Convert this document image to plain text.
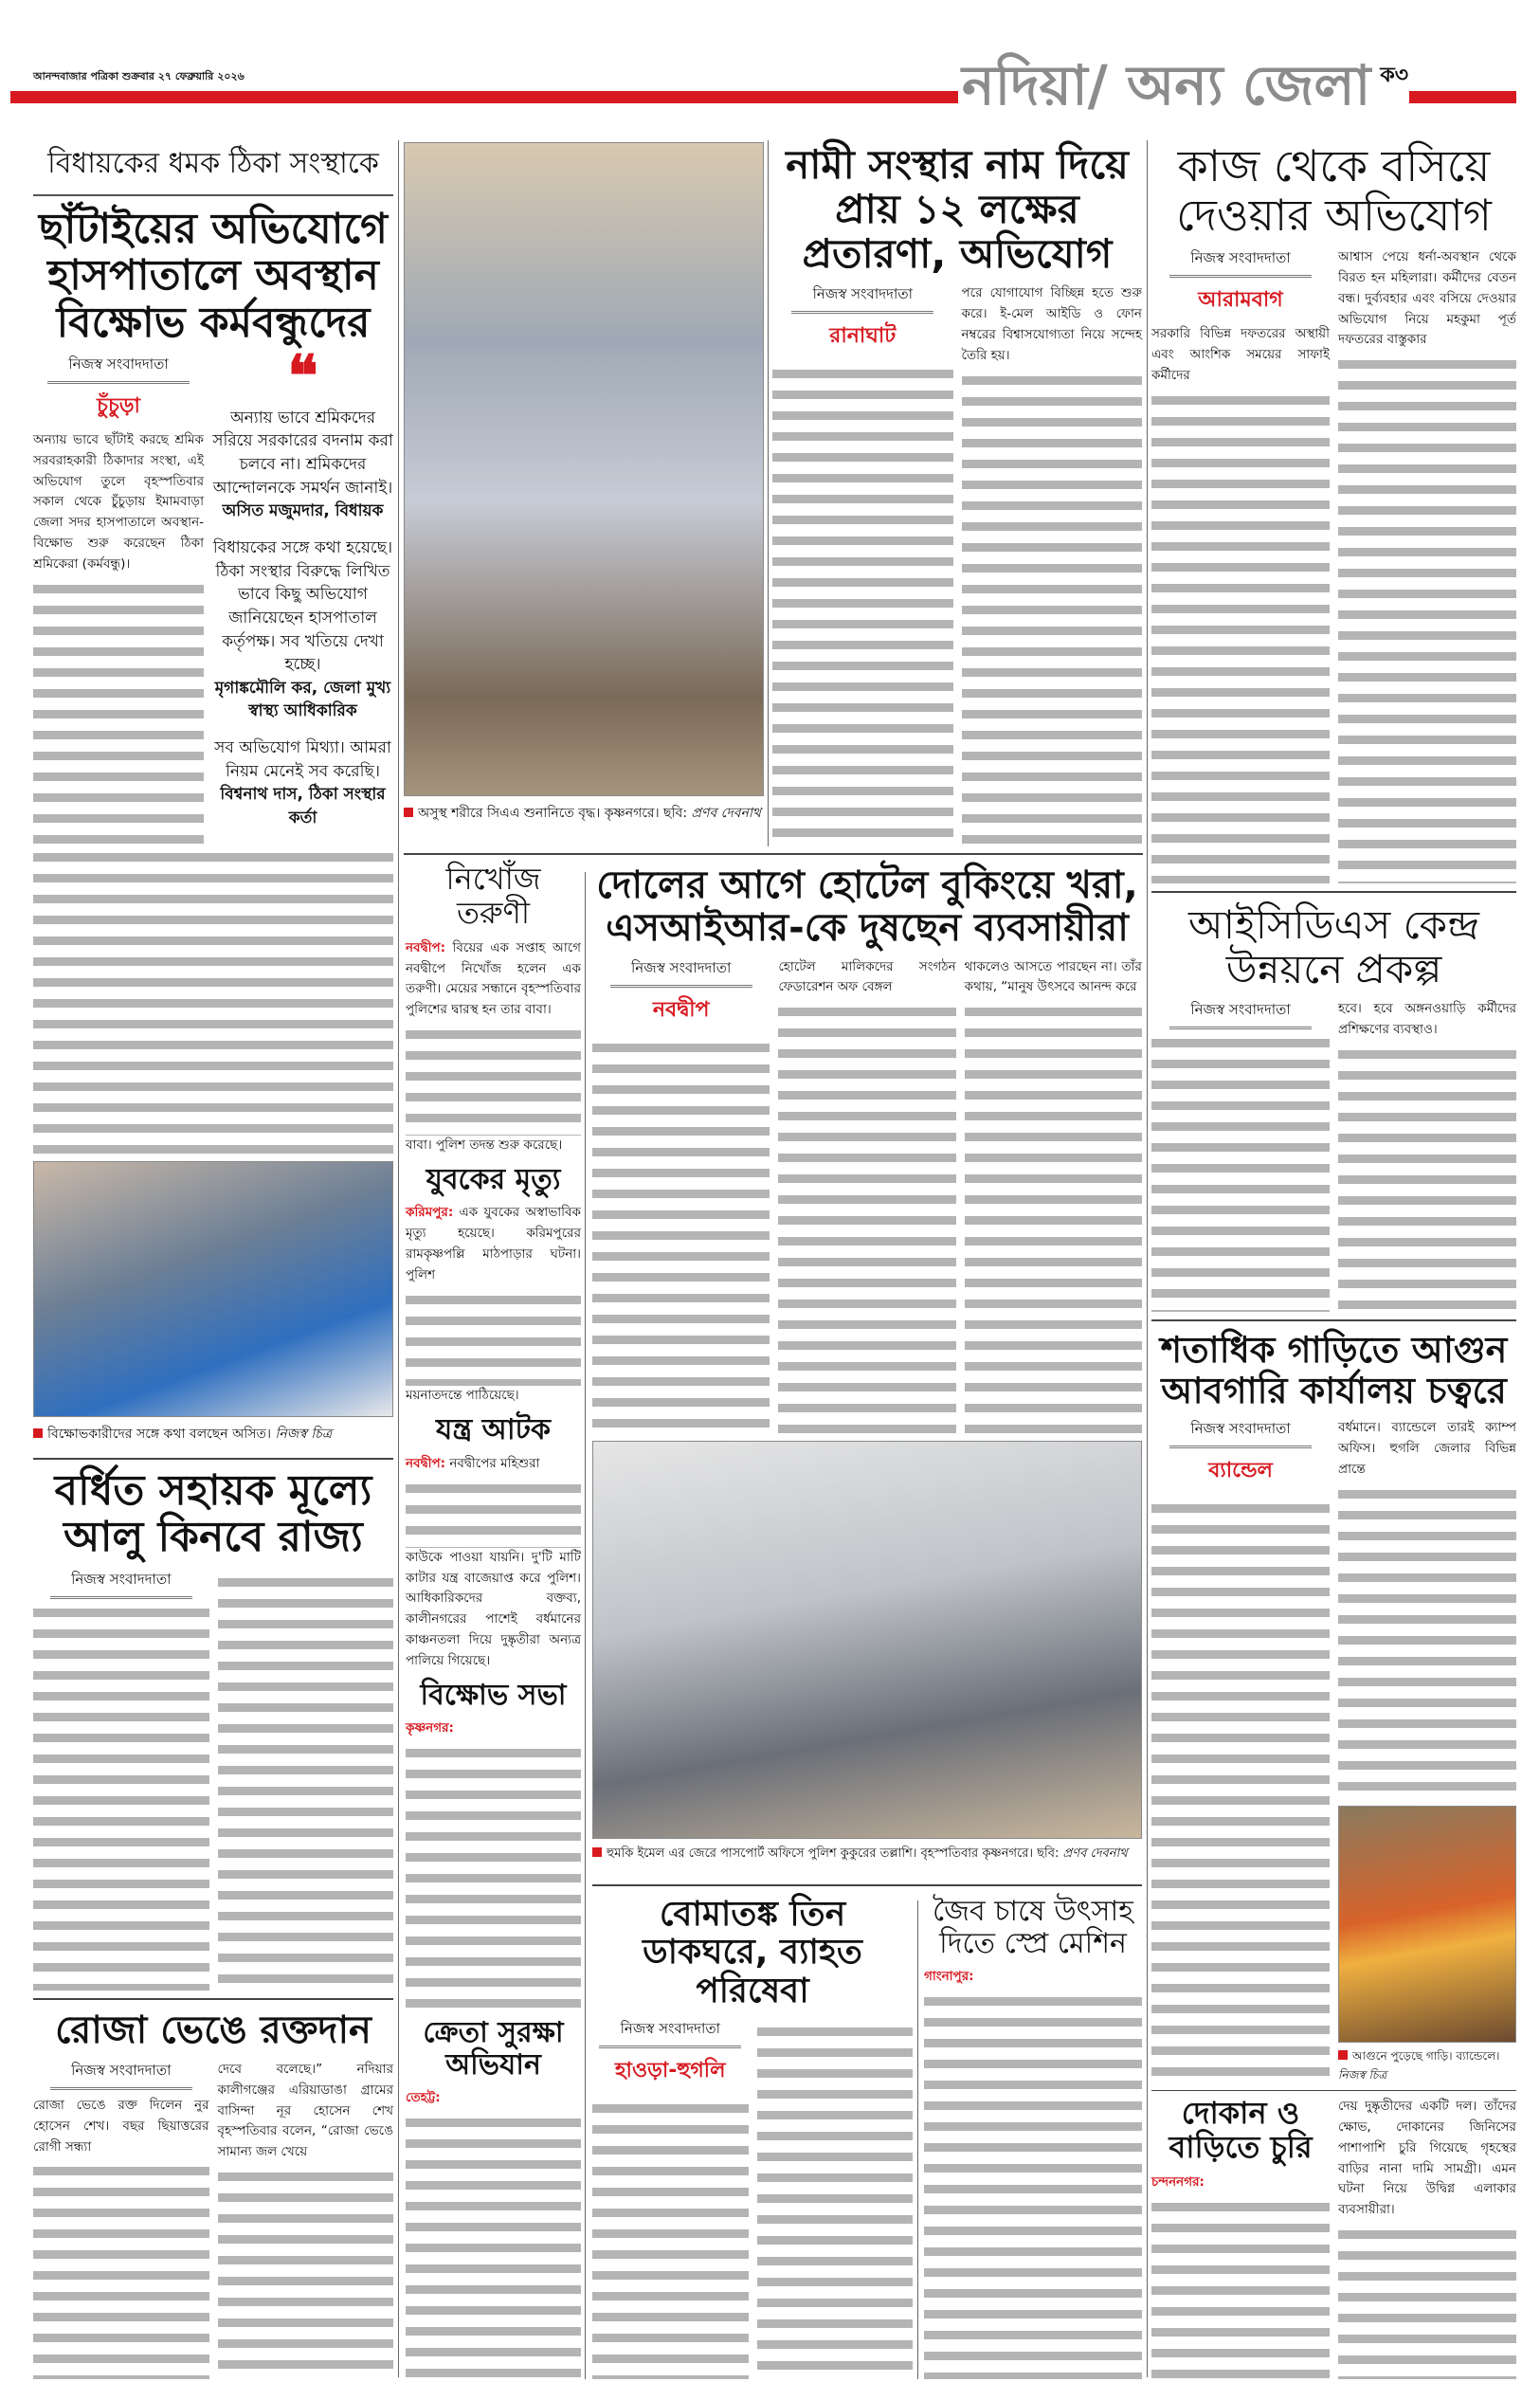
আনন্দবাজার পত্রিকা শুক্রবার ২৭ ফেব্রুয়ারি ২০২৬	নদিয়া/ অন্য জেলা ক৩
বিধায়কের ধমক ঠিকা সংস্থাকে
ছাঁটাইয়ের অভিযোগে হাসপাতালে অবস্থান বিক্ষোভ কর্মবন্ধুদের
নিজস্ব সংবাদদাতা
চুঁচুড়া

অন্যায় ভাবে ছাঁটাই করছে শ্রমিক সরবরাহকারী ঠিকাদার সংস্থা, এই অভিযোগ তুলে বৃহস্পতিবার সকাল থেকে চুঁচুড়ায় ইমামবাড়া জেলা সদর হাসপাতালে অবস্থান-বিক্ষোভ শুরু করেছেন ঠিকা শ্রমিকেরা (কর্মবন্ধু)।

❝
অন্যায় ভাবে শ্রমিকদের সরিয়ে সরকারের বদনাম করা চলবে না। শ্রমিকদের আন্দোলনকে সমর্থন জানাই।
অসিত মজুমদার, বিধায়ক
বিধায়কের সঙ্গে কথা হয়েছে। ঠিকা সংস্থার বিরুদ্ধে লিখিত ভাবে কিছু অভিযোগ জানিয়েছেন হাসপাতাল কর্তৃপক্ষ। সব খতিয়ে দেখা হচ্ছে।
মৃগাঙ্কমৌলি কর, জেলা মুখ্য স্বাস্থ্য আধিকারিক
সব অভিযোগ মিথ্যা। আমরা নিয়ম মেনেই সব করেছি।
বিশ্বনাথ দাস, ঠিকা সংস্থার কর্তা
বিক্ষোভকারীদের সঙ্গে কথা বলছেন অসিত। নিজস্ব চিত্র
বর্ধিত সহায়ক মূল্যে আলু কিনবে রাজ্য
নিজস্ব সংবাদদাতা
রোজা ভেঙে রক্তদান
নিজস্ব সংবাদদাতা

রোজা ভেঙে রক্ত দিলেন নুর হোসেন শেখ। বছর ছিয়াত্তরের রোগী সন্ধ্যা

দেবে বলেছে।” নদিয়ার কালীগঞ্জের এরিয়াডাঙা গ্রামের বাসিন্দা নূর হোসেন শেখ বৃহস্পতিবার বলেন, “রোজা ভেঙে সামান্য জল খেয়ে

অসুস্থ শরীরে সিএএ শুনানিতে বৃদ্ধ। কৃষ্ণনগরে। ছবি: প্রণব দেবনাথ
নিখোঁজ তরুণী

নবদ্বীপ: বিয়ের এক সপ্তাহ আগে নবদ্বীপে নিখোঁজ হলেন এক তরুণী। মেয়ের সন্ধানে বৃহস্পতিবার পুলিশের দ্বারস্থ হন তার বাবা।

বাবা। পুলিশ তদন্ত শুরু করেছে।

যুবকের মৃত্যু

করিমপুর: এক যুবকের অস্বাভাবিক মৃত্যু হয়েছে। করিমপুরের রামকৃষ্ণপল্লি মাঠপাড়ার ঘটনা। পুলিশ

ময়নাতদন্তে পাঠিয়েছে।

যন্ত্র আটক

নবদ্বীপ: নবদ্বীপের মহিশুরা

কাউকে পাওয়া যায়নি। দু'টি মাটি কাটার যন্ত্র বাজেয়াপ্ত করে পুলিশ। আধিকারিকদের বক্তব্য, কালীনগরের পাশেই বর্ধমানের কাঞ্চনতলা দিয়ে দুষ্কৃতীরা অন্যত্র পালিয়ে গিয়েছে।

বিক্ষোভ সভা

কৃষ্ণনগর:

ক্রেতা সুরক্ষা অভিযান

তেহট্ট:

দোলের আগে হোটেল বুকিংয়ে খরা, এসআইআর-কে দুষছেন ব্যবসায়ীরা
নিজস্ব সংবাদদাতা
নবদ্বীপ

হোটেল মালিকদের সংগঠন ফেডারেশন অফ বেঙ্গল

থাকলেও আসতে পারছেন না। তাঁর কথায়, “মানুষ উৎসবে আনন্দ করে

হুমকি ইমেল এর জেরে পাসপোর্ট অফিসে পুলিশ কুকুরের তল্লাশি। বৃহস্পতিবার কৃষ্ণনগরে। ছবি: প্রণব দেবনাথ
বোমাতঙ্ক তিন ডাকঘরে, ব্যাহত পরিষেবা
নিজস্ব সংবাদদাতা
হাওড়া-হুগলি
জৈব চাষে উৎসাহ দিতে স্প্রে মেশিন

গাংনাপুর:

নামী সংস্থার নাম দিয়ে প্রায় ১২ লক্ষের প্রতারণা, অভিযোগ
নিজস্ব সংবাদদাতা
রানাঘাট

পরে যোগাযোগ বিচ্ছিন্ন হতে শুরু করে। ই-মেল আইডি ও ফোন নম্বরের বিশ্বাসযোগ্যতা নিয়ে সন্দেহ তৈরি হয়।

কাজ থেকে বসিয়ে দেওয়ার অভিযোগ
নিজস্ব সংবাদদাতা
আরামবাগ

সরকারি বিভিন্ন দফতরের অস্থায়ী এবং আংশিক সময়ের সাফাই কর্মীদের

আশ্বাস পেয়ে ধর্না-অবস্থান থেকে বিরত হন মহিলারা। কর্মীদের বেতন বন্ধ। দুর্ব্যবহার এবং বসিয়ে দেওয়ার অভিযোগ নিয়ে মহকুমা পূর্ত দফতরের বাস্তুকার

আইসিডিএস কেন্দ্র উন্নয়নে প্রকল্প
নিজস্ব সংবাদদাতা	হবে। হবে অঙ্গনওয়াড়ি কর্মীদের প্রশিক্ষণের ব্যবস্থাও।

শতাধিক গাড়িতে আগুন আবগারি কার্যালয় চত্বরে
নিজস্ব সংবাদদাতা
ব্যান্ডেল

বর্ধমানে। ব্যান্ডেলে তারই ক্যাম্প অফিস। হুগলি জেলার বিভিন্ন প্রান্তে

আগুনে পুড়েছে গাড়ি। ব্যান্ডেলে। নিজস্ব চিত্র
দোকান ও বাড়িতে চুরি

চন্দননগর:

দেয় দুষ্কৃতীদের একটি দল। তাঁদের ক্ষোভ, দোকানের জিনিসের পাশাপাশি চুরি গিয়েছে গৃহস্থের বাড়ির নানা দামি সামগ্রী। এমন ঘটনা নিয়ে উদ্বিগ্ন এলাকার ব্যবসায়ীরা।
